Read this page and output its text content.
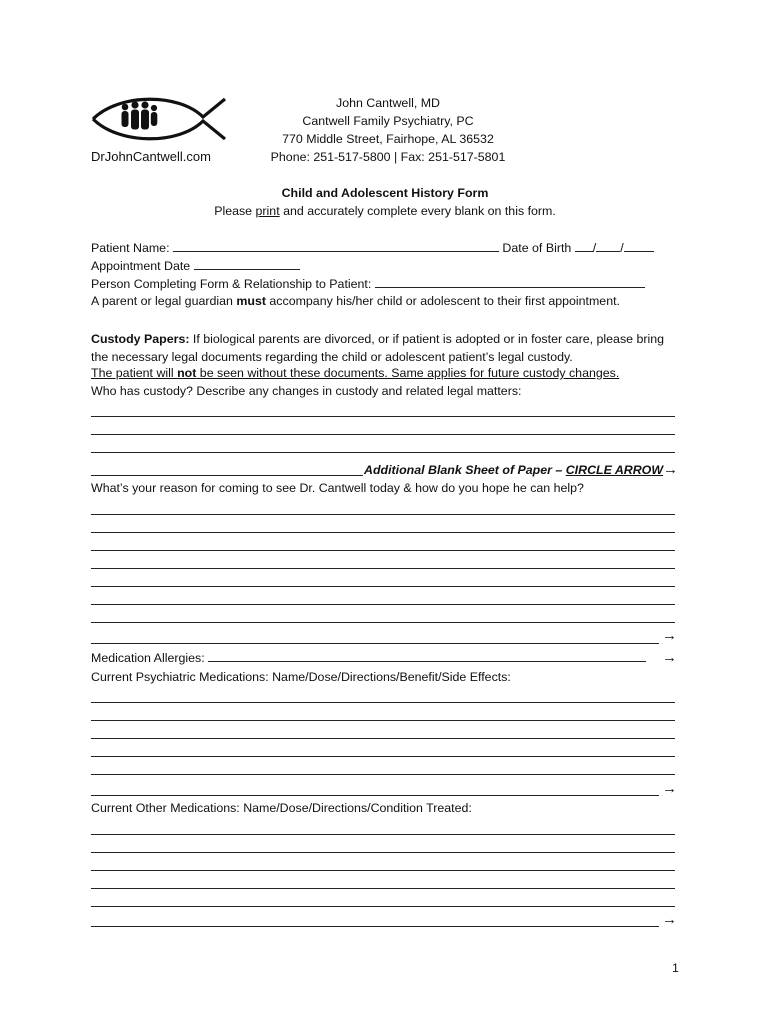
DrJohnCantwell.com
John Cantwell, MD
Cantwell Family Psychiatry, PC
770 Middle Street, Fairhope, AL 36532
Phone: 251-517-5800 | Fax: 251-517-5801
Child and Adolescent History Form
Please print and accurately complete every blank on this form.
Patient Name:	Date of Birth / /
Appointment Date
Person Completing Form & Relationship to Patient:
A parent or legal guardian must accompany his/her child or adolescent to their first appointment.
Custody Papers: If biological parents are divorced, or if patient is adopted or in foster care, please bring the necessary legal documents regarding the child or adolescent patient’s legal custody.
The patient will not be seen without these documents. Same applies for future custody changes.
Who has custody? Describe any changes in custody and related legal matters:
Additional Blank Sheet of Paper – CIRCLE ARROW→
What’s your reason for coming to see Dr. Cantwell today & how do you hope he can help?
→
Medication Allergies:	→
Current Psychiatric Medications: Name/Dose/Directions/Benefit/Side Effects:
→
Current Other Medications: Name/Dose/Directions/Condition Treated:
→
1
